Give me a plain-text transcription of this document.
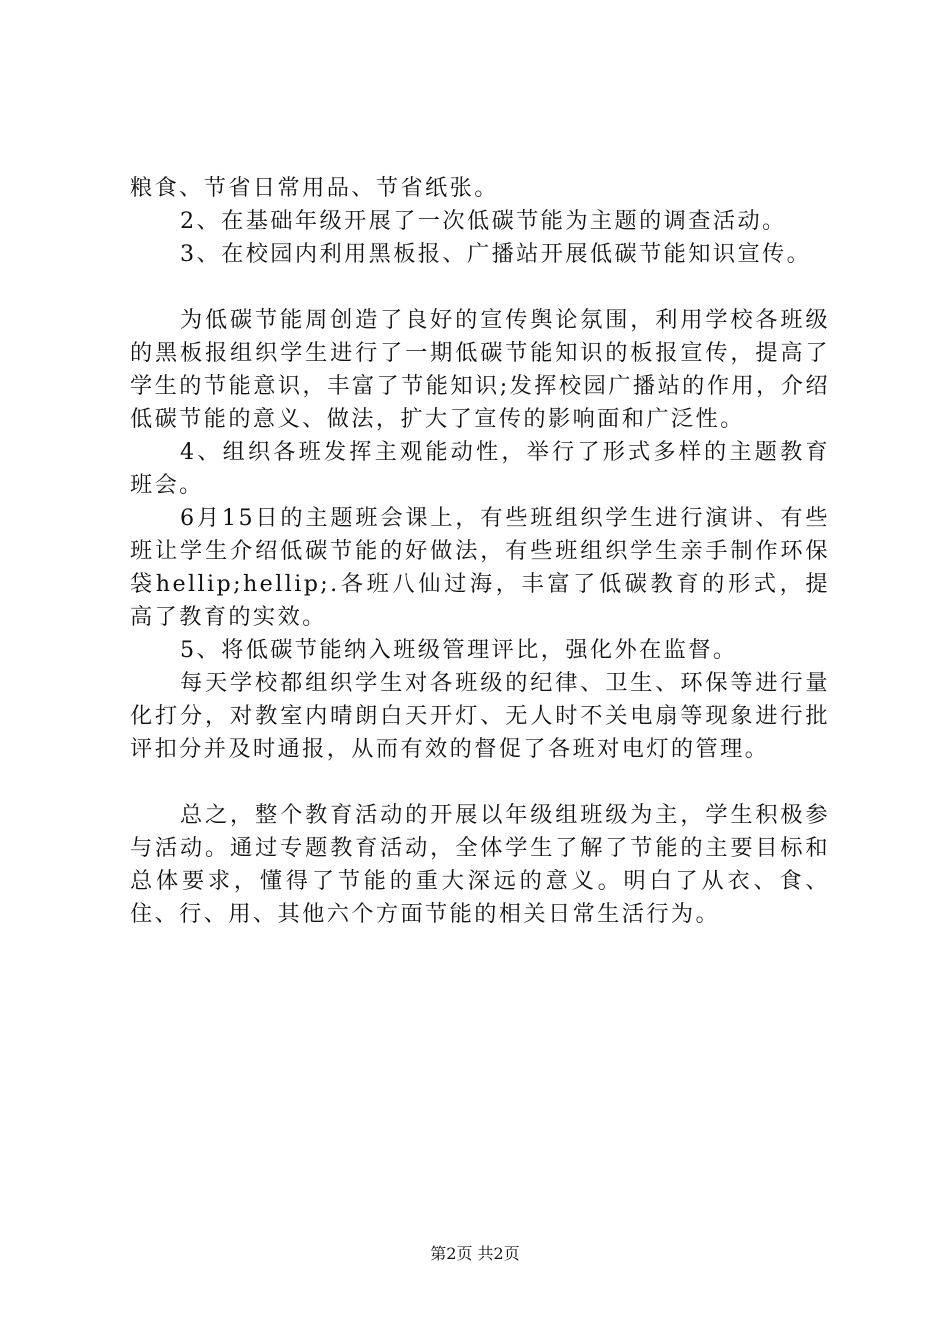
粮食、节省日常用品、节省纸张。

2、在基础年级开展了一次低碳节能为主题的调查活动。

3、在校园内利用黑板报、广播站开展低碳节能知识宣传。

为低碳节能周创造了良好的宣传舆论氛围，利用学校各班级的黑板报组织学生进行了一期低碳节能知识的板报宣传，提高了学生的节能意识，丰富了节能知识;发挥校园广播站的作用，介绍低碳节能的意义、做法，扩大了宣传的影响面和广泛性。

4、组织各班发挥主观能动性，举行了形式多样的主题教育班会。

6月15日的主题班会课上，有些班组织学生进行演讲、有些班让学生介绍低碳节能的好做法，有些班组织学生亲手制作环保袋hellip;hellip;.各班八仙过海，丰富了低碳教育的形式，提高了教育的实效。

5、将低碳节能纳入班级管理评比，强化外在监督。

每天学校都组织学生对各班级的纪律、卫生、环保等进行量化打分，对教室内晴朗白天开灯、无人时不关电扇等现象进行批评扣分并及时通报，从而有效的督促了各班对电灯的管理。

总之，整个教育活动的开展以年级组班级为主，学生积极参与活动。通过专题教育活动，全体学生了解了节能的主要目标和总体要求，懂得了节能的重大深远的意义。明白了从衣、食、住、行、用、其他六个方面节能的相关日常生活行为。

第2页 共2页
